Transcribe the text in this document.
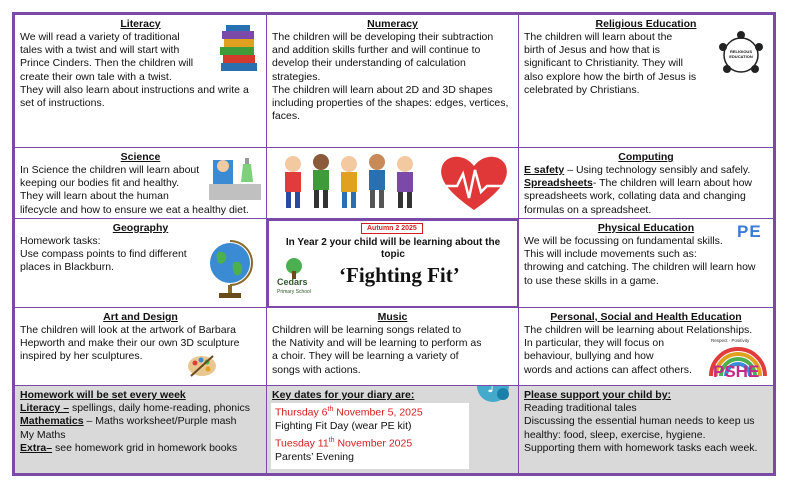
Literacy

We will read a variety of traditional

tales with a twist and will start with

Prince Cinders. Then the children will

create their own tale with a twist.

They will also learn about instructions and write a

set of instructions.

Numeracy

The children will be developing their subtraction

and addition skills further and will continue to

develop their understanding of calculation

strategies.

The children will learn about 2D and 3D shapes

including properties of the shapes: edges, vertices,

faces.

Religious Education

The children will learn about the

birth of Jesus and how that is

significant to Christianity. They will

also explore how the birth of Jesus is

celebrated by Christians.

RELIGIOUS EDUCATION
Science

In Science the children will learn about

keeping our bodies fit and healthy.

They will learn about the human

lifecycle and how to ensure we eat a healthy diet.

Computing

E safety – Using technology sensibly and safely.

Spreadsheets- The children will learn about how

spreadsheets work, collating data and changing

formulas on a spreadsheet.

Geography

Homework tasks:

Use compass points to find different

places in Blackburn.

Autumn 2 2025
In Year 2 your child will be learning about the
topic
Cedars
Primary School
‘Fighting Fit’
Physical Education

We will be focussing on fundamental skills.

This will include movements such as:

throwing and catching. The children will learn how

to use these skills in a game.

PE
Art and Design

The children will look at the artwork of Barbara

Hepworth and make their our own 3D sculpture

inspired by her sculptures.

Music

Children will be learning songs related to

the Nativity and will be learning to perform as

a choir. They will be learning a variety of

songs with actions.

Personal, Social and Health Education

The children will be learning about Relationships.

In particular, they will focus on

behaviour, bullying and how

words and actions can affect others.

Respect · Positivity
PSHE

Homework will be set every week

Literacy – spellings, daily home-reading, phonics

Mathematics – Maths worksheet/Purple mash

My Maths

Extra– see homework grid in homework books

Key dates for your diary are:

Thursday 6th November 5, 2025

Fighting Fit Day (wear PE kit)

Tuesday 11th November 2025

Parents’ Evening

♪	Please support your child by:

Reading traditional tales

Discussing the essential human needs to keep us

healthy: food, sleep, exercise, hygiene.

Supporting them with homework tasks each week.
